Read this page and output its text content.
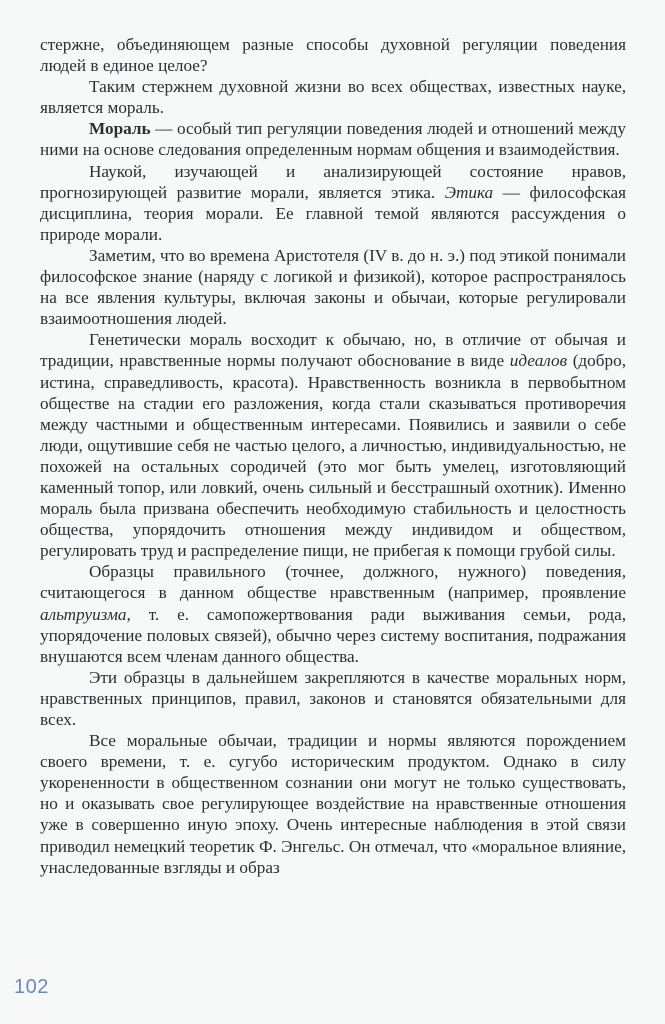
стержне, объединяющем разные способы духовной регуляции поведения людей в единое целое?

Таким стержнем духовной жизни во всех обществах, известных науке, является мораль.

Мораль — особый тип регуляции поведения людей и отношений между ними на основе следования определенным нормам общения и взаимодействия.

Наукой, изучающей и анализирующей состояние нравов, прогнозирующей развитие морали, является этика. Этика — философская дисциплина, теория морали. Ее главной темой являются рассуждения о природе морали.

Заметим, что во времена Аристотеля (IV в. до н. э.) под этикой понимали философское знание (наряду с логикой и физикой), которое распространялось на все явления культуры, включая законы и обычаи, которые регулировали взаимоотношения людей.

Генетически мораль восходит к обычаю, но, в отличие от обычая и традиции, нравственные нормы получают обоснование в виде идеалов (добро, истина, справедливость, красота). Нравственность возникла в первобытном обществе на стадии его разложения, когда стали сказываться противоречия между частными и общественным интересами. Появились и заявили о себе люди, ощутившие себя не частью целого, а личностью, индивидуальностью, не похожей на остальных сородичей (это мог быть умелец, изготовляющий каменный топор, или ловкий, очень сильный и бесстрашный охотник). Именно мораль была призвана обеспечить необходимую стабильность и целостность общества, упорядочить отношения между индивидом и обществом, регулировать труд и распределение пищи, не прибегая к помощи грубой силы.

Образцы правильного (точнее, должного, нужного) поведения, считающегося в данном обществе нравственным (например, проявление альтруизма, т. е. самопожертвования ради выживания семьи, рода, упорядочение половых связей), обычно через систему воспитания, подражания внушаются всем членам данного общества.

Эти образцы в дальнейшем закрепляются в качестве моральных норм, нравственных принципов, правил, законов и становятся обязательными для всех.

Все моральные обычаи, традиции и нормы являются порождением своего времени, т. е. сугубо историческим продуктом. Однако в силу укорененности в общественном сознании они могут не только существовать, но и оказывать свое регулирующее воздействие на нравственные отношения уже в совершенно иную эпоху. Очень интересные наблюдения в этой связи приводил немецкий теоретик Ф. Энгельс. Он отмечал, что «моральное влияние, унаследованные взгляды и образ

102
